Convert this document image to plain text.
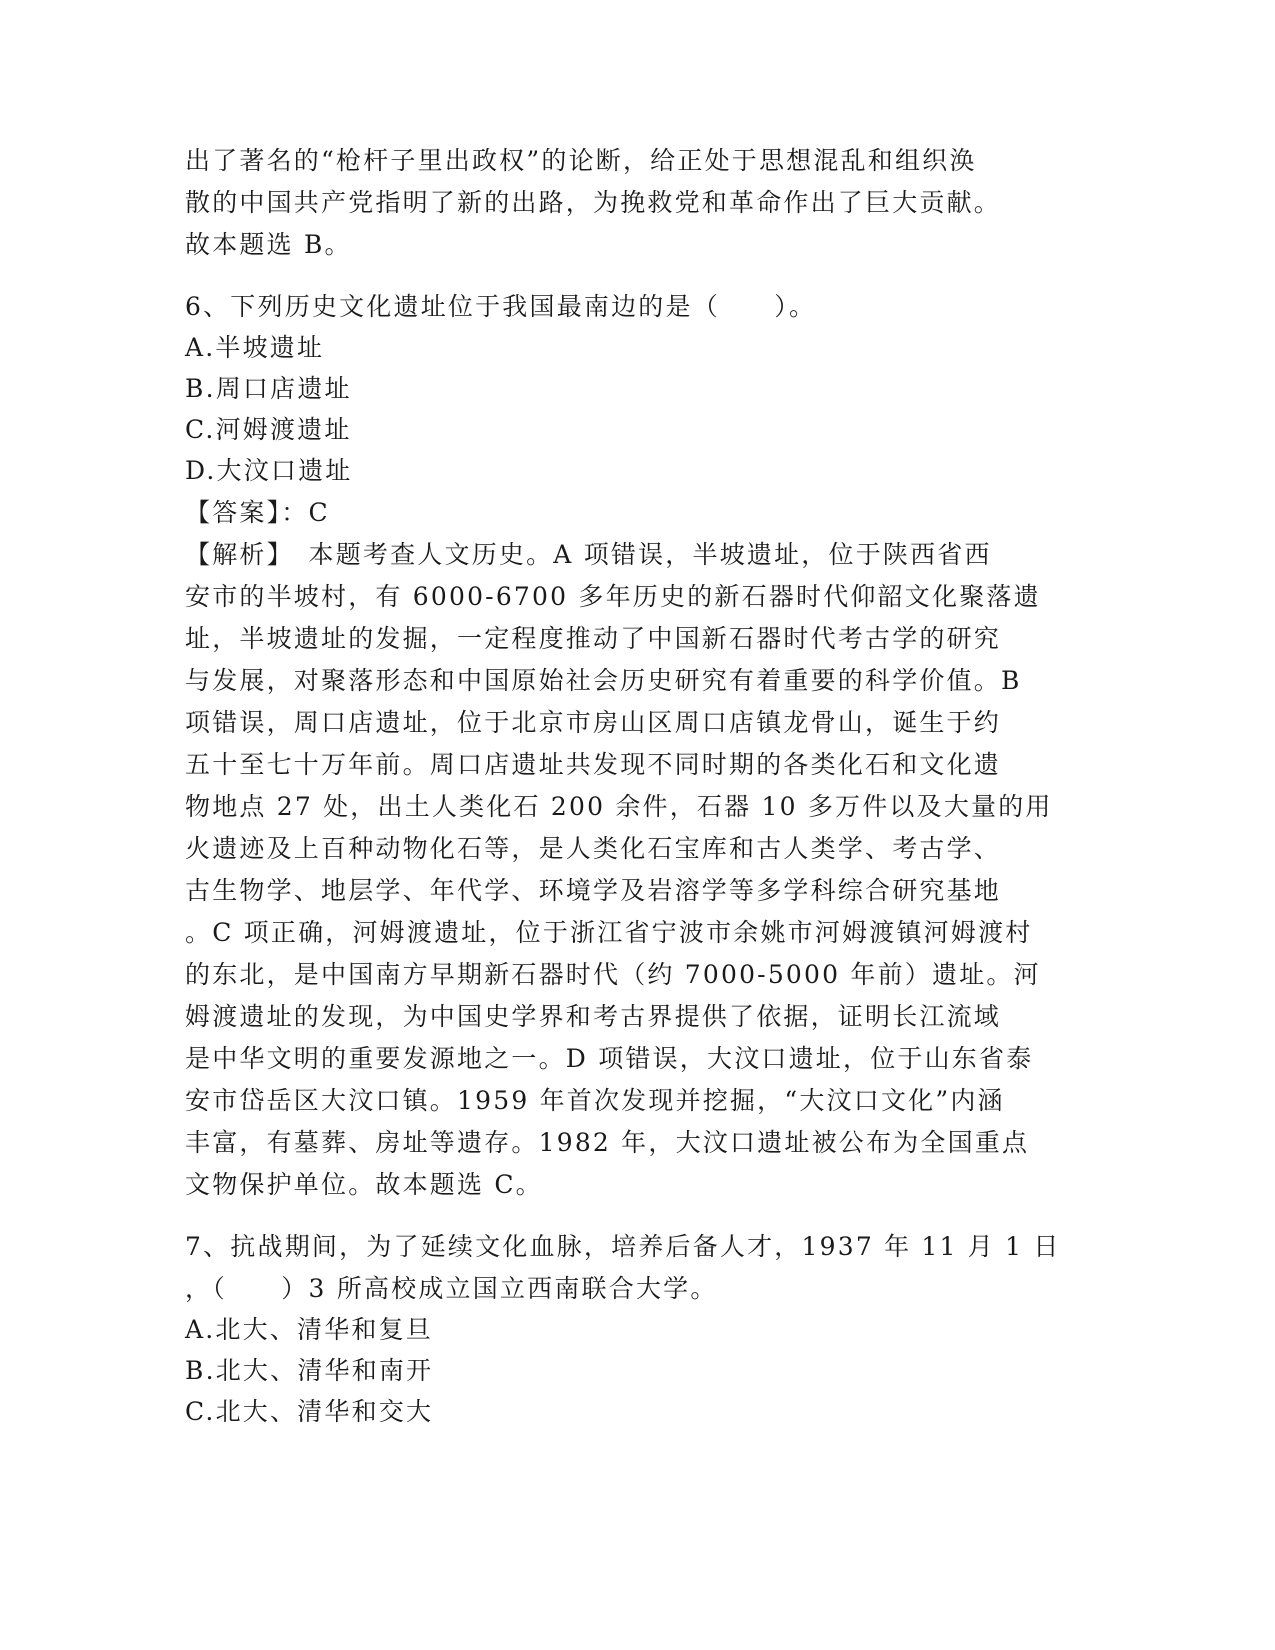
出了著名的“枪杆子里出政权”的论断，给正处于思想混乱和组织涣
散的中国共产党指明了新的出路，为挽救党和革命作出了巨大贡献。
故本题选 B。
6、下列历史文化遗址位于我国最南边的是（　　）。
A.半坡遗址
B.周口店遗址
C.河姆渡遗址
D.大汶口遗址
【答案】：C
【解析】　本题考查人文历史。A 项错误，半坡遗址，位于陕西省西
安市的半坡村，有 6000-6700 多年历史的新石器时代仰韶文化聚落遗
址，半坡遗址的发掘，一定程度推动了中国新石器时代考古学的研究
与发展，对聚落形态和中国原始社会历史研究有着重要的科学价值。B
项错误，周口店遗址，位于北京市房山区周口店镇龙骨山，诞生于约
五十至七十万年前。周口店遗址共发现不同时期的各类化石和文化遗
物地点 27 处，出土人类化石 200 余件，石器 10 多万件以及大量的用
火遗迹及上百种动物化石等，是人类化石宝库和古人类学、考古学、
古生物学、地层学、年代学、环境学及岩溶学等多学科综合研究基地
。C 项正确，河姆渡遗址，位于浙江省宁波市余姚市河姆渡镇河姆渡村
的东北，是中国南方早期新石器时代（约 7000-5000 年前）遗址。河
姆渡遗址的发现，为中国史学界和考古界提供了依据，证明长江流域
是中华文明的重要发源地之一。D 项错误，大汶口遗址，位于山东省泰
安市岱岳区大汶口镇。1959 年首次发现并挖掘，“大汶口文化”内涵
丰富，有墓葬、房址等遗存。1982 年，大汶口遗址被公布为全国重点
文物保护单位。故本题选 C。
7、抗战期间，为了延续文化血脉，培养后备人才，1937 年 11 月 1 日
，（　　）3 所高校成立国立西南联合大学。
A.北大、清华和复旦
B.北大、清华和南开
C.北大、清华和交大
